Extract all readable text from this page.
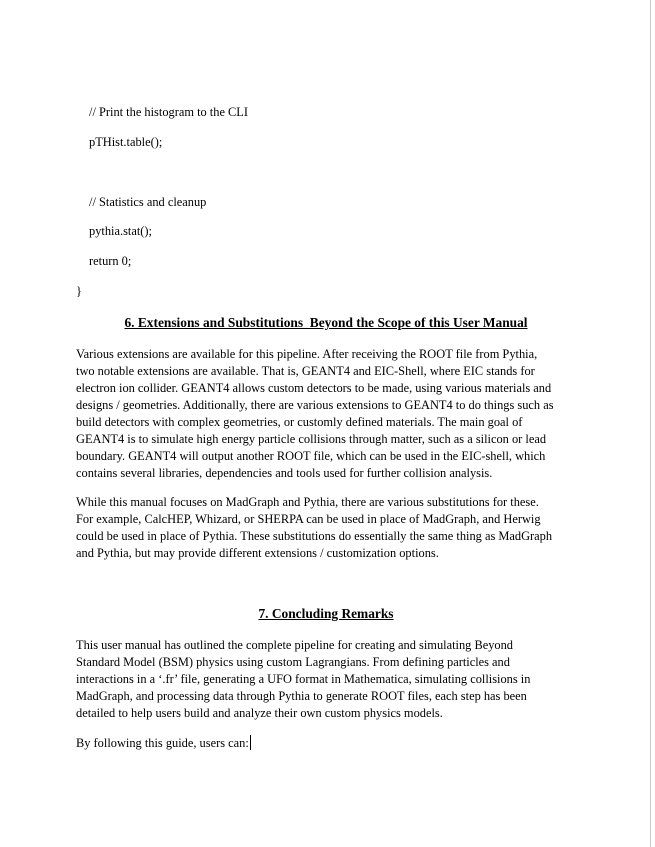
// Print the histogram to the CLI
pTHist.table();
// Statistics and cleanup
pythia.stat();
return 0;
}
6. Extensions and Substitutions  Beyond the Scope of this User Manual
Various extensions are available for this pipeline. After receiving the ROOT file from Pythia,
two notable extensions are available. That is, GEANT4 and EIC-Shell, where EIC stands for
electron ion collider. GEANT4 allows custom detectors to be made, using various materials and
designs / geometries. Additionally, there are various extensions to GEANT4 to do things such as
build detectors with complex geometries, or customly defined materials. The main goal of
GEANT4 is to simulate high energy particle collisions through matter, such as a silicon or lead
boundary. GEANT4 will output another ROOT file, which can be used in the EIC-shell, which
contains several libraries, dependencies and tools used for further collision analysis.
While this manual focuses on MadGraph and Pythia, there are various substitutions for these.
For example, CalcHEP, Whizard, or SHERPA can be used in place of MadGraph, and Herwig
could be used in place of Pythia. These substitutions do essentially the same thing as MadGraph
and Pythia, but may provide different extensions / customization options.
7. Concluding Remarks
This user manual has outlined the complete pipeline for creating and simulating Beyond
Standard Model (BSM) physics using custom Lagrangians. From defining particles and
interactions in a ‘.fr’ file, generating a UFO format in Mathematica, simulating collisions in
MadGraph, and processing data through Pythia to generate ROOT files, each step has been
detailed to help users build and analyze their own custom physics models.
By following this guide, users can:
